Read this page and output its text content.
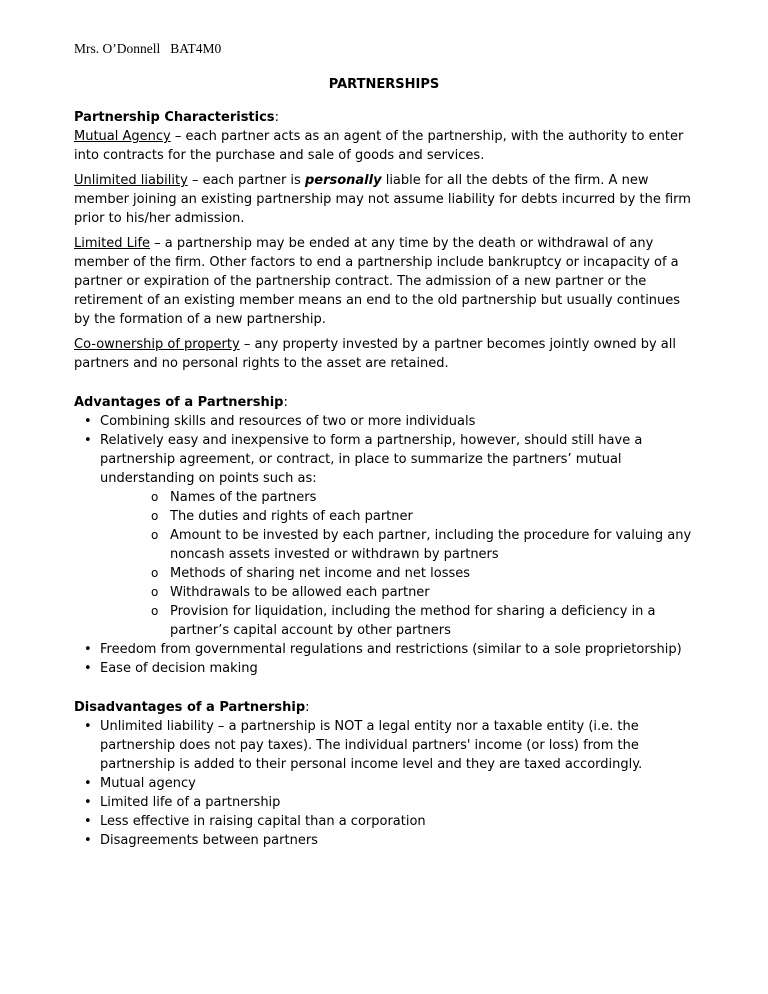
Mrs. O’Donnell BAT4M0
PARTNERSHIPS

Partnership Characteristics:

Mutual Agency – each partner acts as an agent of the partnership, with the authority to enter into contracts for the purchase and sale of goods and services.

Unlimited liability – each partner is personally liable for all the debts of the firm. A new member joining an existing partnership may not assume liability for debts incurred by the firm prior to his/her admission.

Limited Life – a partnership may be ended at any time by the death or withdrawal of any member of the firm. Other factors to end a partnership include bankruptcy or incapacity of a partner or expiration of the partnership contract. The admission of a new partner or the retirement of an existing member means an end to the old partnership but usually continues by the formation of a new partnership.

Co-ownership of property – any property invested by a partner becomes jointly owned by all partners and no personal rights to the asset are retained.

Advantages of a Partnership:

• Combining skills and resources of two or more individuals
• Relatively easy and inexpensive to form a partnership, however, should still have a partnership agreement, or contract, in place to summarize the partners’ mutual understanding on points such as:
o Names of the partners
o The duties and rights of each partner
o Amount to be invested by each partner, including the procedure for valuing any noncash assets invested or withdrawn by partners
o Methods of sharing net income and net losses
o Withdrawals to be allowed each partner
o Provision for liquidation, including the method for sharing a deficiency in a partner’s capital account by other partners
• Freedom from governmental regulations and restrictions (similar to a sole proprietorship)
• Ease of decision making

Disadvantages of a Partnership:

• Unlimited liability – a partnership is NOT a legal entity nor a taxable entity (i.e. the partnership does not pay taxes). The individual partners' income (or loss) from the partnership is added to their personal income level and they are taxed accordingly.
• Mutual agency
• Limited life of a partnership
• Less effective in raising capital than a corporation
• Disagreements between partners
